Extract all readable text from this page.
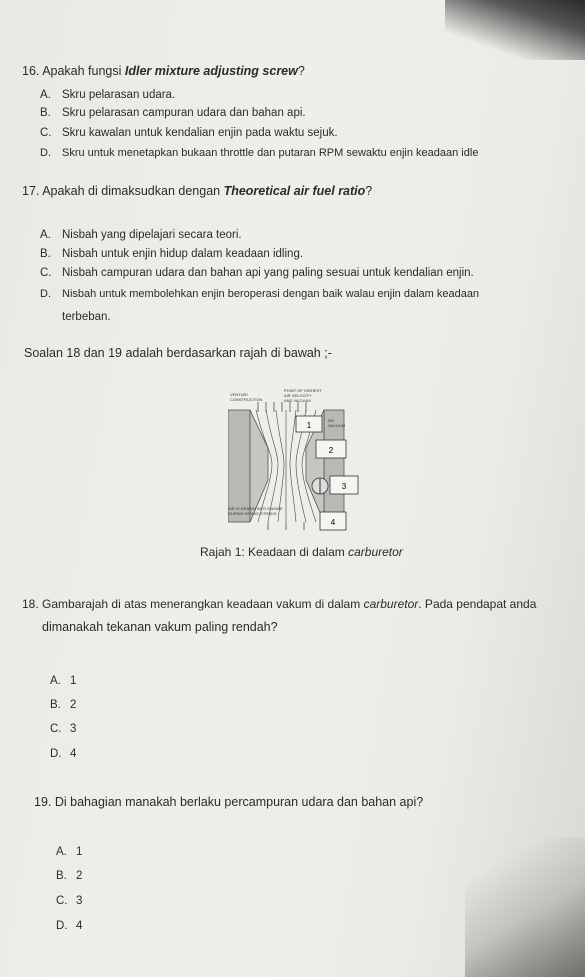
16. Apakah fungsi Idler mixture adjusting screw?
A. Skru pelarasan udara.
B. Skru pelarasan campuran udara dan bahan api.
C. Skru kawalan untuk kendalian enjin pada waktu sejuk.
D. Skru untuk menetapkan bukaan throttle dan putaran RPM sewaktu enjin keadaan idle
17. Apakah di dimaksudkan dengan Theoretical air fuel ratio?
A. Nisbah yang dipelajari secara teori.
B. Nisbah untuk enjin hidup dalam keadaan idling.
C. Nisbah campuran udara dan bahan api yang paling sesuai untuk kendalian enjin.
D. Nisbah untuk membolehkan enjin beroperasi dengan baik walau enjin dalam keadaan
terbeban.
Soalan 18 dan 19 adalah berdasarkan rajah di bawah ;-
1
2
3
4
VENTURI
CONSTRUCTION
POINT OF HIGHEST
AIR VELOCITY
AND VACUUM
NO
VACUUM
AIR IS DRAWN INTO ENGINE
DURING INTAKE STROKE
Rajah 1: Keadaan di dalam carburetor
18. Gambarajah di atas menerangkan keadaan vakum di dalam carburetor. Pada pendapat anda
dimanakah tekanan vakum paling rendah?
A. 1
B. 2
C. 3
D. 4
19. Di bahagian manakah berlaku percampuran udara dan bahan api?
A. 1
B. 2
C. 3
D. 4
